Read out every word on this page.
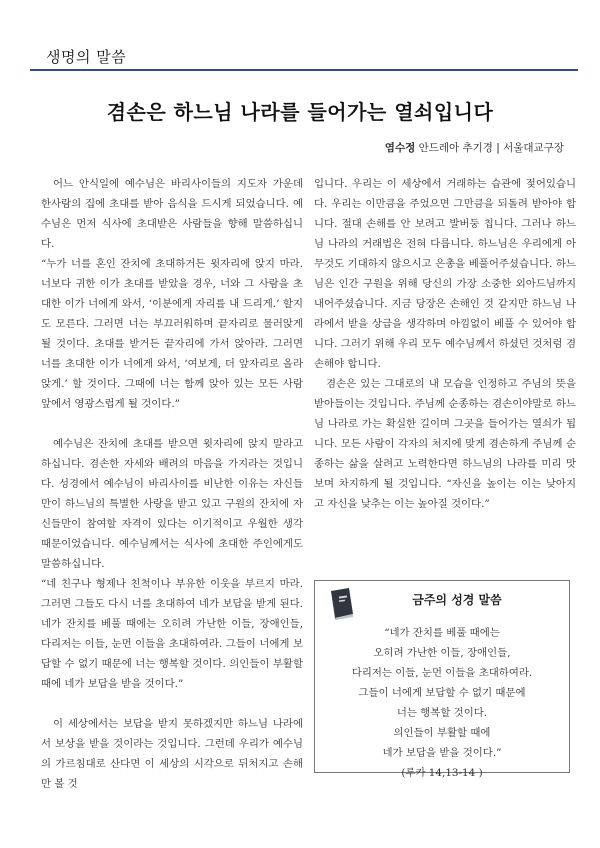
생명의 말씀
겸손은 하느님 나라를 들어가는 열쇠입니다
염수정 안드레아 추기경 | 서울대교구장

어느 안식일에 예수님은 바리사이들의 지도자 가운데 한사람의 집에 초대를 받아 음식을 드시게 되었습니다. 예수님은 먼저 식사에 초대받은 사람들을 향해 말씀하십니다.

“누가 너를 혼인 잔치에 초대하거든 윗자리에 앉지 마라. 너보다 귀한 이가 초대를 받았을 경우, 너와 그 사람을 초대한 이가 너에게 와서, ‘이분에게 자리를 내 드리게.’ 할지도 모른다. 그러면 너는 부끄러워하며 끝자리로 물러앉게 될 것이다. 초대를 받거든 끝자리에 가서 앉아라. 그러면 너를 초대한 이가 너에게 와서, ‘여보게, 더 앞자리로 올라앉게.’ 할 것이다. 그때에 너는 함께 앉아 있는 모든 사람 앞에서 영광스럽게 될 것이다.”

예수님은 잔치에 초대를 받으면 윗자리에 앉지 말라고 하십니다. 겸손한 자세와 배려의 마음을 가지라는 것입니다. 성경에서 예수님이 바리사이를 비난한 이유는 자신들만이 하느님의 특별한 사랑을 받고 있고 구원의 잔치에 자신들만이 참여할 자격이 있다는 이기적이고 우월한 생각 때문이었습니다. 예수님께서는 식사에 초대한 주인에게도 말씀하십니다.

“네 친구나 형제나 친척이나 부유한 이웃을 부르지 마라. 그러면 그들도 다시 너를 초대하여 네가 보답을 받게 된다. 네가 잔치를 베풀 때에는 오히려 가난한 이들, 장애인들, 다리저는 이들, 눈먼 이들을 초대하여라. 그들이 너에게 보답할 수 없기 때문에 너는 행복할 것이다. 의인들이 부활할 때에 네가 보답을 받을 것이다.”

이 세상에서는 보답을 받지 못하겠지만 하느님 나라에서 보상을 받을 것이라는 것입니다. 그런데 우리가 예수님의 가르침대로 산다면 이 세상의 시각으로 뒤처지고 손해만 볼 것

입니다. 우리는 이 세상에서 거래하는 습관에 젖어있습니다. 우리는 이만큼을 주었으면 그만큼을 되돌려 받아야 합니다. 절대 손해를 안 보려고 발버둥 칩니다. 그러나 하느님 나라의 거래법은 전혀 다릅니다. 하느님은 우리에게 아무것도 기대하지 않으시고 은총을 베풀어주셨습니다. 하느님은 인간 구원을 위해 당신의 가장 소중한 외아드님까지 내어주셨습니다. 지금 당장은 손해인 것 같지만 하느님 나라에서 받을 상급을 생각하며 아낌없이 베풀 수 있어야 합니다. 그러기 위해 우리 모두 예수님께서 하셨던 것처럼 겸손해야 합니다.

겸손은 있는 그대로의 내 모습을 인정하고 주님의 뜻을 받아들이는 것입니다. 주님께 순종하는 겸손이야말로 하느님 나라로 가는 확실한 길이며 그곳을 들어가는 열쇠가 됩니다. 모든 사람이 각자의 처지에 맞게 겸손하게 주님께 순종하는 삶을 살려고 노력한다면 하느님의 나라를 미리 맛보며 차지하게 될 것입니다. “자신을 높이는 이는 낮아지고 자신을 낮추는 이는 높아질 것이다.”

금주의 성경 말씀
“네가 잔치를 베풀 때에는
오히려 가난한 이들, 장애인들,
다리저는 이들, 눈먼 이들을 초대하여라.
그들이 너에게 보답할 수 없기 때문에
너는 행복할 것이다.
의인들이 부활할 때에
네가 보답을 받을 것이다.”
(루카 14,13-14 )
